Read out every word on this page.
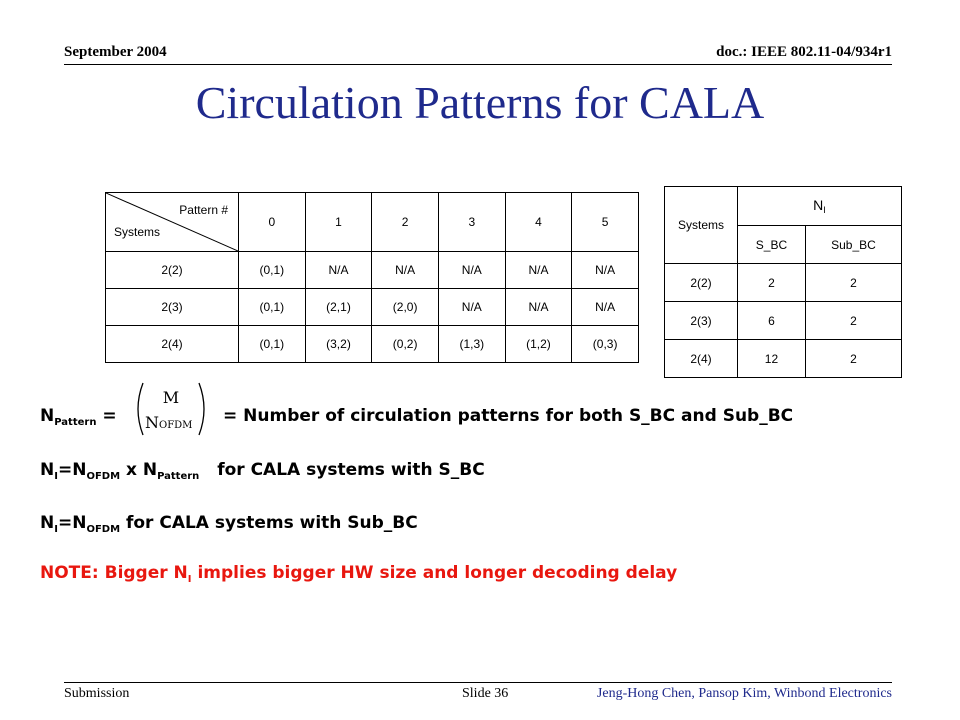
September 2004	doc.: IEEE 802.11-04/934r1
Circulation Patterns for CALA
Pattern #
Systems	0	1	2	3	4	5
2(2)	(0,1)	N/A	N/A	N/A	N/A	N/A
2(3)	(0,1)	(2,1)	(2,0)	N/A	N/A	N/A
2(4)	(0,1)	(3,2)	(0,2)	(1,3)	(1,2)	(0,3)
Systems	$N_I$
	S_BC	Sub_BC
2(2)	2	2
2(3)	6	2
2(4)	12	2
$N_{Pattern}$ =	= Number of circulation patterns for both S_BC and Sub_BC
M
NOFDM
$N_I=N_{OFDM}$ x $N_{Pattern}$ for CALA systems with S_BC
$N_I=N_{OFDM}$ for CALA systems with Sub_BC
NOTE: Bigger $N_I$ implies bigger HW size and longer decoding delay
Submission	Slide 36	Jeng-Hong Chen, Pansop Kim, Winbond Electronics
